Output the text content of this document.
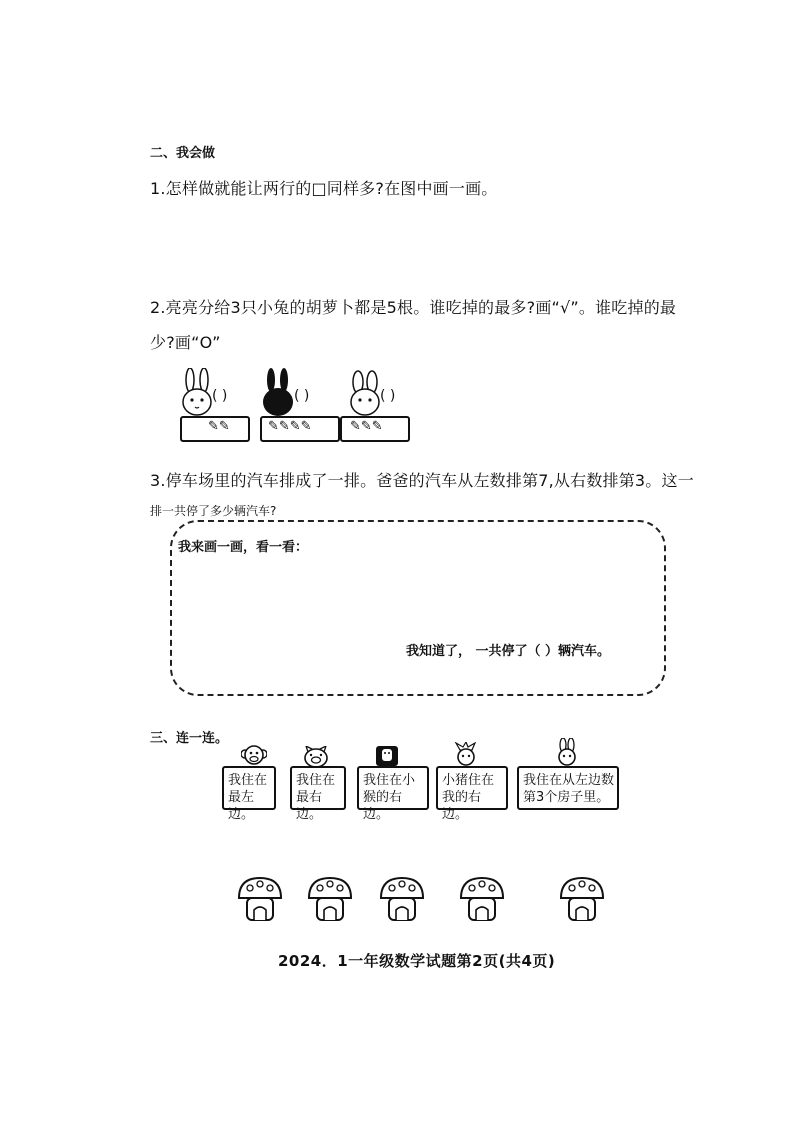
二、我会做
1.怎样做就能让两行的□同样多?在图中画一画。
2.亮亮分给3只小兔的胡萝卜都是5根。谁吃掉的最多?画“√”。谁吃掉的最
少?画“O”
( )
✎✎
( )
✎✎✎✎
( )
✎✎✎
3.停车场里的汽车排成了一排。爸爸的汽车从左数排第7,从右数排第3。这一
排一共停了多少辆汽车?
我来画一画，看一看：
我知道了， 一共停了（ ）辆汽车。
三、连一连。
我住在最左边。
我住在最右边。
我住在小猴的右边。
小猪住在我的右边。
我住在从左边数第3个房子里。
2024．1一年级数学试题第2页(共4页)
